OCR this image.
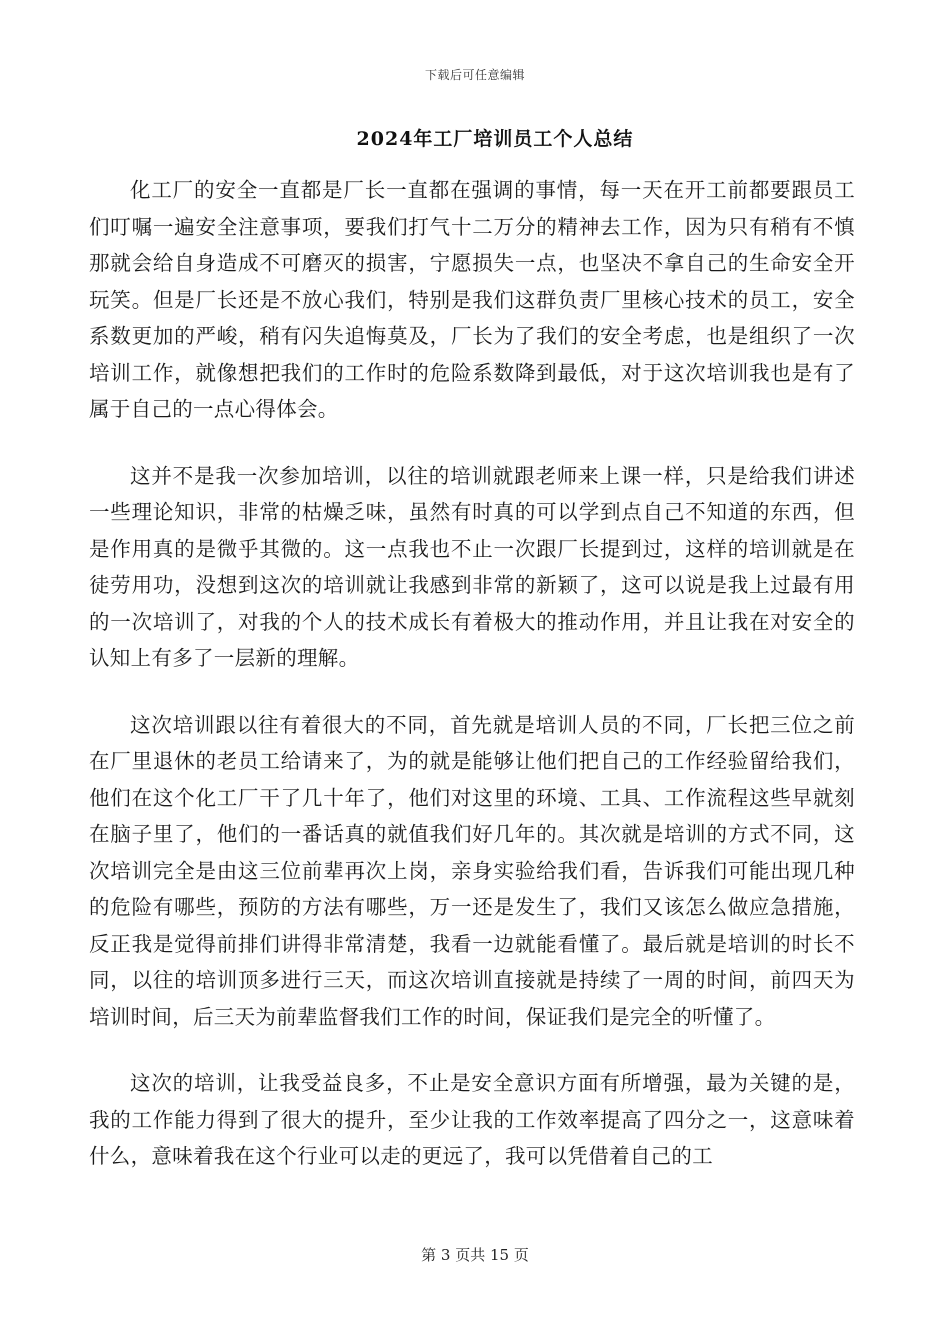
下载后可任意编辑
2024年工厂培训员工个人总结

化工厂的安全一直都是厂长一直都在强调的事情，每一天在开工前都要跟员工们叮嘱一遍安全注意事项，要我们打气十二万分的精神去工作，因为只有稍有不慎那就会给自身造成不可磨灭的损害，宁愿损失一点，也坚决不拿自己的生命安全开玩笑。但是厂长还是不放心我们，特别是我们这群负责厂里核心技术的员工，安全系数更加的严峻，稍有闪失追悔莫及，厂长为了我们的安全考虑，也是组织了一次培训工作，就像想把我们的工作时的危险系数降到最低，对于这次培训我也是有了属于自己的一点心得体会。

这并不是我一次参加培训，以往的培训就跟老师来上课一样，只是给我们讲述一些理论知识，非常的枯燥乏味，虽然有时真的可以学到点自己不知道的东西，但是作用真的是微乎其微的。这一点我也不止一次跟厂长提到过，这样的培训就是在徒劳用功，没想到这次的培训就让我感到非常的新颖了，这可以说是我上过最有用的一次培训了，对我的个人的技术成长有着极大的推动作用，并且让我在对安全的认知上有多了一层新的理解。

这次培训跟以往有着很大的不同，首先就是培训人员的不同，厂长把三位之前在厂里退休的老员工给请来了，为的就是能够让他们把自己的工作经验留给我们，他们在这个化工厂干了几十年了，他们对这里的环境、工具、工作流程这些早就刻在脑子里了，他们的一番话真的就值我们好几年的。其次就是培训的方式不同，这次培训完全是由这三位前辈再次上岗，亲身实验给我们看，告诉我们可能出现几种的危险有哪些，预防的方法有哪些，万一还是发生了，我们又该怎么做应急措施，反正我是觉得前排们讲得非常清楚，我看一边就能看懂了。最后就是培训的时长不同，以往的培训顶多进行三天，而这次培训直接就是持续了一周的时间，前四天为培训时间，后三天为前辈监督我们工作的时间，保证我们是完全的听懂了。

这次的培训，让我受益良多，不止是安全意识方面有所增强，最为关键的是，我的工作能力得到了很大的提升，至少让我的工作效率提高了四分之一，这意味着什么，意味着我在这个行业可以走的更远了，我可以凭借着自己的工

第 3 页共 15 页
